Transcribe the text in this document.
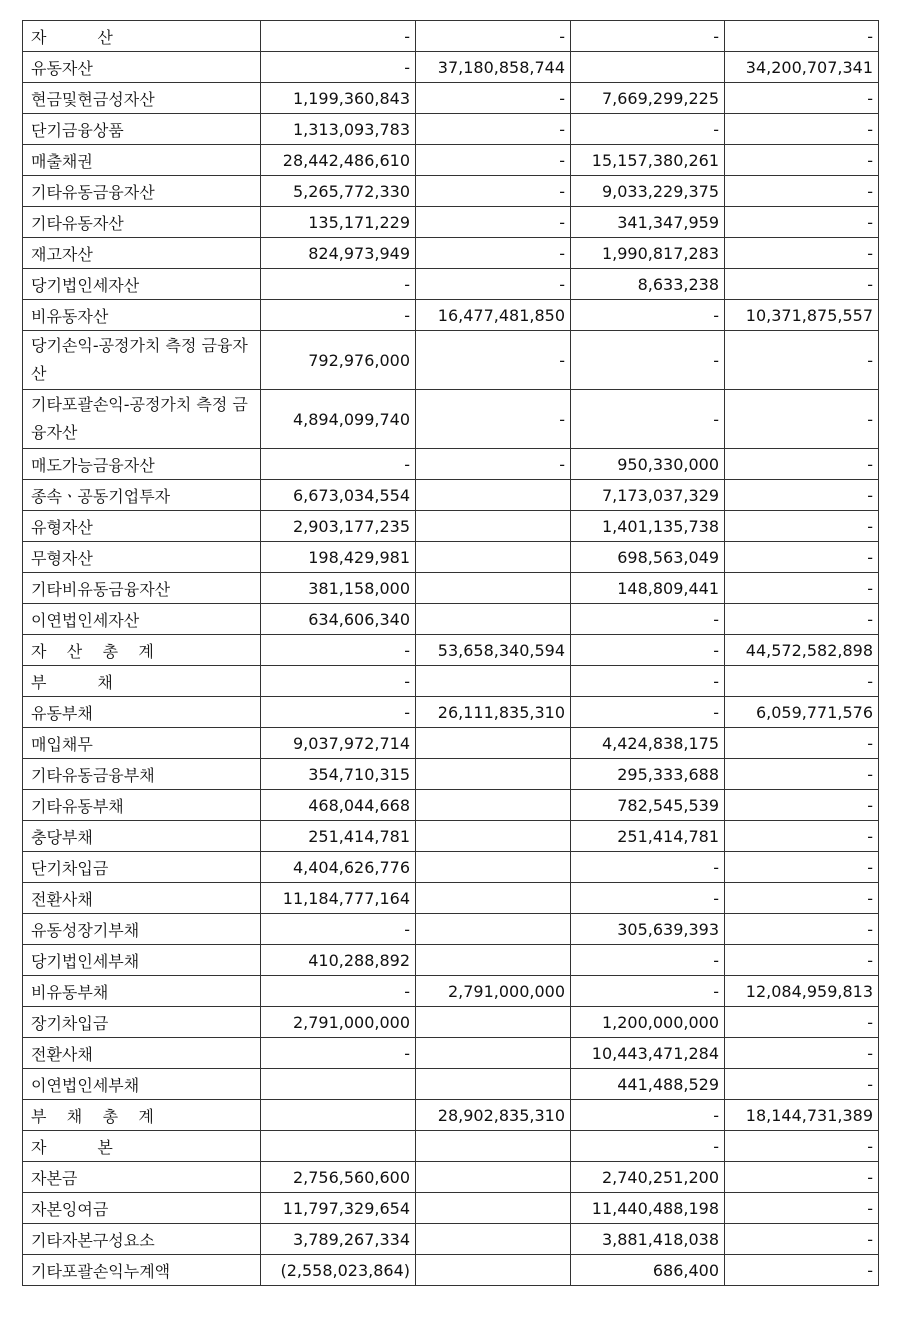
자          산	-	-	-	-
유동자산	-	37,180,858,744		34,200,707,341
현금및현금성자산	1,199,360,843	-	7,669,299,225	-
단기금융상품	1,313,093,783	-	-	-
매출채권	28,442,486,610	-	15,157,380,261	-
기타유동금융자산	5,265,772,330	-	9,033,229,375	-
기타유동자산	135,171,229	-	341,347,959	-
재고자산	824,973,949	-	1,990,817,283	-
당기법인세자산	-	-	8,633,238	-
비유동자산	-	16,477,481,850	-	10,371,875,557
당기손익-공정가치 측정 금융자산	792,976,000	-	-	-
기타포괄손익-공정가치 측정 금융자산	4,894,099,740	-	-	-
매도가능금융자산	-	-	950,330,000	-
종속ㆍ공동기업투자	6,673,034,554		7,173,037,329	-
유형자산	2,903,177,235		1,401,135,738	-
무형자산	198,429,981		698,563,049	-
기타비유동금융자산	381,158,000		148,809,441	-
이연법인세자산	634,606,340		-	-
자    산    총    계	-	53,658,340,594	-	44,572,582,898
부          채	-		-	-
유동부채	-	26,111,835,310	-	6,059,771,576
매입채무	9,037,972,714		4,424,838,175	-
기타유동금융부채	354,710,315		295,333,688	-
기타유동부채	468,044,668		782,545,539	-
충당부채	251,414,781		251,414,781	-
단기차입금	4,404,626,776		-	-
전환사채	11,184,777,164		-	-
유동성장기부채	-		305,639,393	-
당기법인세부채	410,288,892		-	-
비유동부채	-	2,791,000,000	-	12,084,959,813
장기차입금	2,791,000,000		1,200,000,000	-
전환사채	-		10,443,471,284	-
이연법인세부채			441,488,529	-
부    채    총    계		28,902,835,310	-	18,144,731,389
자          본			-	-
자본금	2,756,560,600		2,740,251,200	-
자본잉여금	11,797,329,654		11,440,488,198	-
기타자본구성요소	3,789,267,334		3,881,418,038	-
기타포괄손익누계액	(2,558,023,864)		686,400	-
